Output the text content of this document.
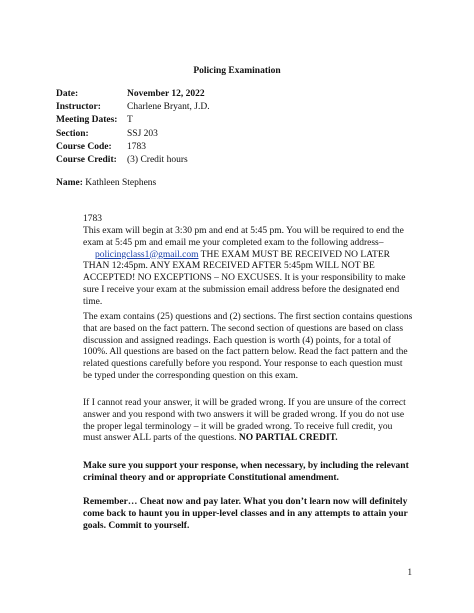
Policing Examination
Date:	November 12, 2022
Instructor:	Charlene Bryant, J.D.
Meeting Dates: T
Section:	SSJ 203
Course Code: 1783
Course Credit: (3) Credit hours
Name: Kathleen Stephens
1783

This exam will begin at 3:30 pm and end at 5:45 pm. You will be required to end the exam at 5:45 pm and email me your completed exam to the following address–
policingclass1@gmail.com THE EXAM MUST BE RECEIVED NO LATER THAN 12:45pm. ANY EXAM RECEIVED AFTER 5:45pm WILL NOT BE ACCEPTED! NO EXCEPTIONS – NO EXCUSES. It is your responsibility to make sure I receive your exam at the submission email address before the designated end time.

The exam contains (25) questions and (2) sections. The first section contains questions that are based on the fact pattern. The second section of questions are based on class discussion and assigned readings. Each question is worth (4) points, for a total of 100%. All questions are based on the fact pattern below. Read the fact pattern and the related questions carefully before you respond. Your response to each question must be typed under the corresponding question on this exam.

If I cannot read your answer, it will be graded wrong. If you are unsure of the correct answer and you respond with two answers it will be graded wrong. If you do not use the proper legal terminology – it will be graded wrong. To receive full credit, you must answer ALL parts of the questions. NO PARTIAL CREDIT.

Make sure you support your response, when necessary, by including the relevant criminal theory and or appropriate Constitutional amendment.

Remember… Cheat now and pay later. What you don’t learn now will definitely come back to haunt you in upper-level classes and in any attempts to attain your goals. Commit to yourself.

1
